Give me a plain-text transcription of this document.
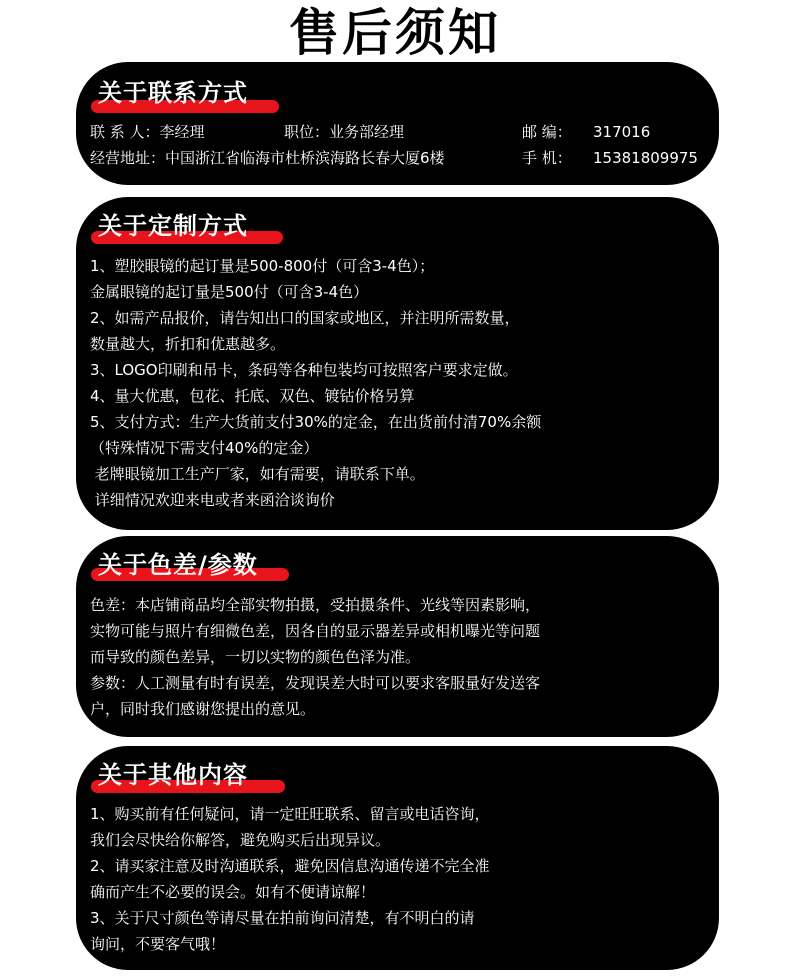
售后须知
关于联系方式
联 系 人：李经理	职位：业务部经理	邮 编： 317016
经营地址：中国浙江省临海市杜桥滨海路长春大厦6楼	手 机： 15381809975
关于定制方式
1、塑胶眼镜的起订量是500-800付（可含3-4色）；
金属眼镜的起订量是500付（可含3-4色）
2、如需产品报价，请告知出口的国家或地区，并注明所需数量，
数量越大，折扣和优惠越多。
3、LOGO印刷和吊卡，条码等各种包装均可按照客户要求定做。
4、量大优惠，包花、托底、双色、镀钴价格另算
5、支付方式：生产大货前支付30%的定金，在出货前付清70%余额
（特殊情况下需支付40%的定金）
老牌眼镜加工生产厂家，如有需要，请联系下单。
详细情况欢迎来电或者来函洽谈询价
关于色差/参数
色差：本店铺商品均全部实物拍摄，受拍摄条件、光线等因素影响，
实物可能与照片有细微色差，因各自的显示器差异或相机曝光等问题
而导致的颜色差异，一切以实物的颜色色泽为准。
参数：人工测量有时有误差，发现误差大时可以要求客服量好发送客
户，同时我们感谢您提出的意见。
关于其他内容
1、购买前有任何疑问，请一定旺旺联系、留言或电话咨询，
我们会尽快给你解答，避免购买后出现异议。
2、请买家注意及时沟通联系，避免因信息沟通传递不完全准
确而产生不必要的误会。如有不便请谅解！
3、关于尺寸颜色等请尽量在拍前询问清楚，有不明白的请
询问，不要客气哦！
